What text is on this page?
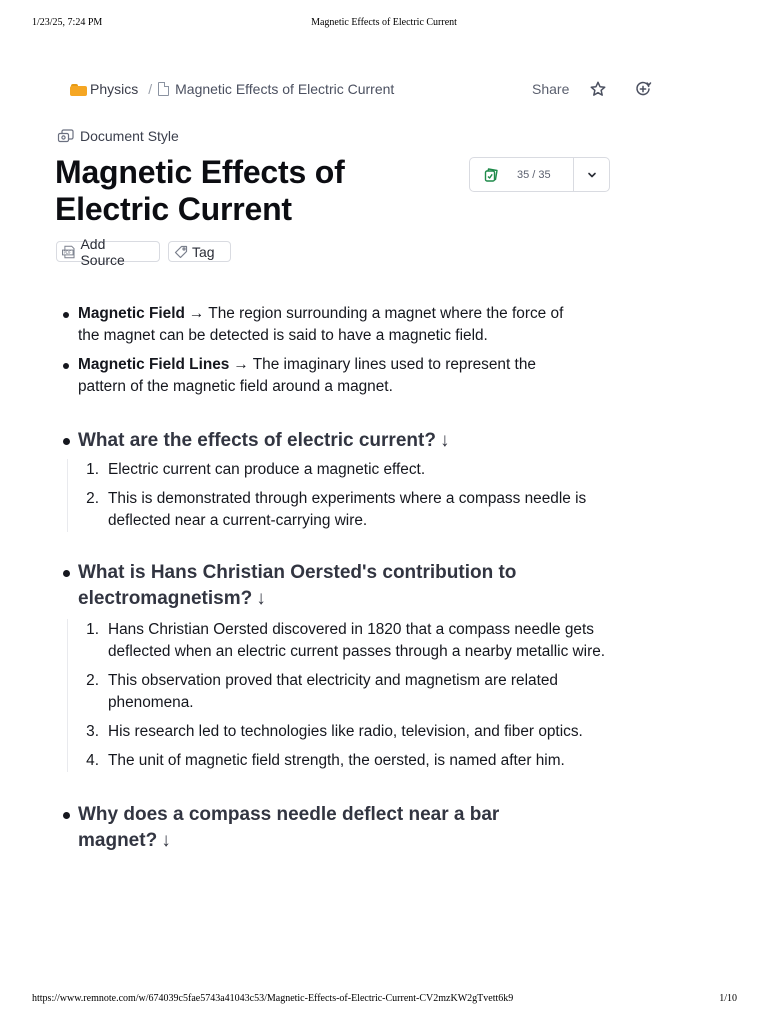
1/23/25, 7:24 PM	Magnetic Effects of Electric Current
Physics / Magnetic Effects of Electric Current	Share
Document Style
Magnetic Effects of Electric Current
35 / 35
PDF
Add Source	Tag
Magnetic Field → The region surrounding a magnet where the force of the magnet can be detected is said to have a magnetic field.
Magnetic Field Lines → The imaginary lines used to represent the pattern of the magnetic field around a magnet.
What are the effects of electric current? ↓
1. Electric current can produce a magnetic effect.
2. This is demonstrated through experiments where a compass needle is deflected near a current-carrying wire.
What is Hans Christian Oersted's contribution to electromagnetism? ↓
1. Hans Christian Oersted discovered in 1820 that a compass needle gets deflected when an electric current passes through a nearby metallic wire.
2. This observation proved that electricity and magnetism are related phenomena.
3. His research led to technologies like radio, television, and fiber optics.
4. The unit of magnetic field strength, the oersted, is named after him.
Why does a compass needle deflect near a bar magnet? ↓
https://www.remnote.com/w/674039c5fae5743a41043c53/Magnetic-Effects-of-Electric-Current-CV2mzKW2gTvett6k9	1/10
